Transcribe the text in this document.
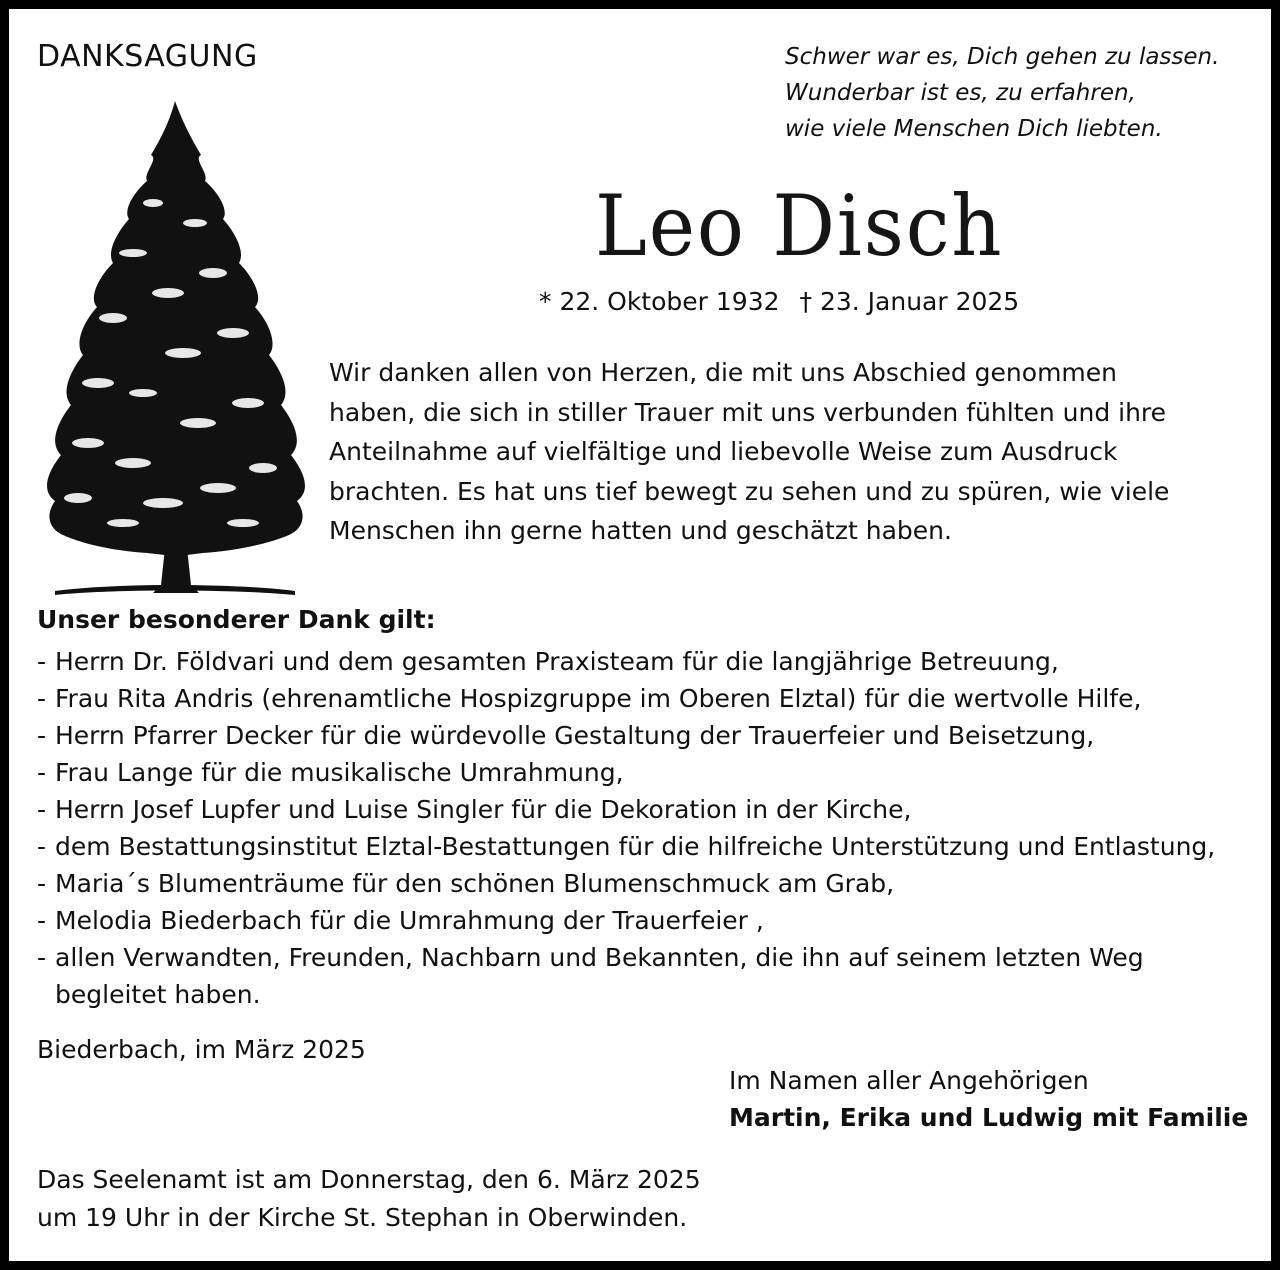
DANKSAGUNG	Schwer war es, Dich gehen zu lassen.
Wunderbar ist es, zu erfahren,
wie viele Menschen Dich liebten.
Leo Disch
* 22. Oktober 1932 † 23. Januar 2025
Wir danken allen von Herzen, die mit uns Abschied genommen
haben, die sich in stiller Trauer mit uns verbunden fühlten und ihre
Anteilnahme auf vielfältige und liebevolle Weise zum Ausdruck
brachten. Es hat uns tief bewegt zu sehen und zu spüren, wie viele
Menschen ihn gerne hatten und geschätzt haben.
Unser besonderer Dank gilt:
- Herrn Dr. Földvari und dem gesamten Praxisteam für die langjährige Betreuung,
- Frau Rita Andris (ehrenamtliche Hospizgruppe im Oberen Elztal) für die wertvolle Hilfe,
- Herrn Pfarrer Decker für die würdevolle Gestaltung der Trauerfeier und Beisetzung,
- Frau Lange für die musikalische Umrahmung,
- Herrn Josef Lupfer und Luise Singler für die Dekoration in der Kirche,
- dem Bestattungsinstitut Elztal-Bestattungen für die hilfreiche Unterstützung und Entlastung,
- Maria´s Blumenträume für den schönen Blumenschmuck am Grab,
- Melodia Biederbach für die Umrahmung der Trauerfeier ,
- allen Verwandten, Freunden, Nachbarn und Bekannten, die ihn auf seinem letzten Weg
begleitet haben.
Biederbach, im März 2025
Im Namen aller Angehörigen
Martin, Erika und Ludwig mit Familie
Das Seelenamt ist am Donnerstag, den 6. März 2025
um 19 Uhr in der Kirche St. Stephan in Oberwinden.
